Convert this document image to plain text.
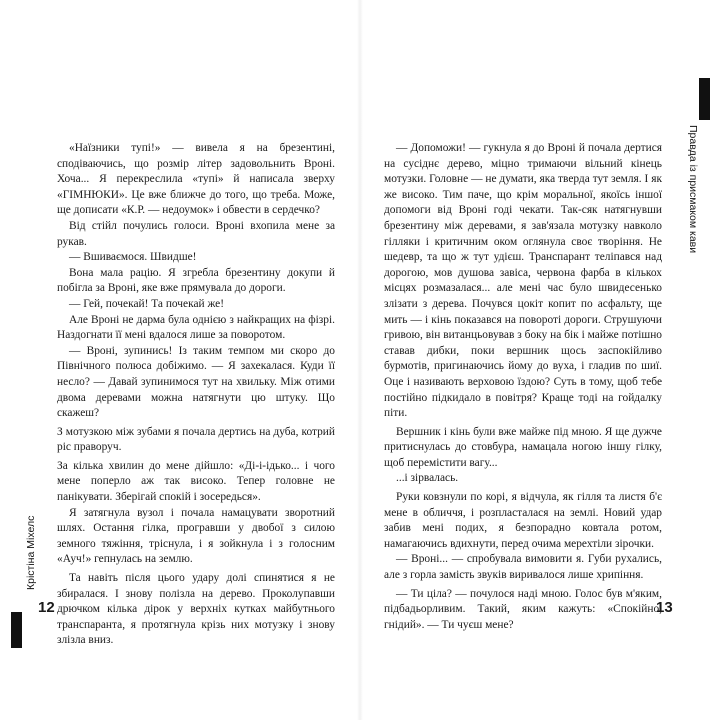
Крістіна Міхелс

«Наїзники тупі!» — вивела я на брезентині, сподіваючись, що розмір літер задовольнить Вроні. Хоча... Я перекреслила «тупі» й написала зверху «ГІМНЮКИ». Це вже ближче до того, що треба. Може, ще дописати «К.Р. — недоумок» і обвести в сердечко?

Від стійл почулись голоси. Вроні вхопила мене за рукав.

— Вшиваємося. Швидше!

Вона мала рацію. Я згребла брезентину докупи й побігла за Вроні, яке вже прямувала до дороги.

— Гей, почекай! Та почекай же!

Але Вроні не дарма була однією з найкращих на фізрі. Наздогнати її мені вдалося лише за поворотом.

— Вроні, зупинись! Із таким темпом ми скоро до Північного полюса добіжимо. — Я захекалася. Куди її несло? — Давай зупинимося тут на хвильку. Між отими двома деревами можна натягнути цю штуку. Що скажеш?

З мотузкою між зубами я почала дертись на дуба, котрий ріс праворуч.

За кілька хвилин до мене дійшло: «Ді-і-ідько... і чого мене поперло аж так високо. Тепер головне не панікувати. Зберігай спокій і зосередься».

Я затягнула вузол і почала намацувати зворотний шлях. Остання гілка, програвши у двобої з силою земного тяжіння, тріснула, і я зойкнула і з голосним «Ауч!» гепнулась на землю.

Та навіть після цього удару долі спинятися я не збиралася. І знову полізла на дерево. Проколупавши дрючком кілька дірок у верхніх кутках майбутнього транспаранта, я протягнула крізь них мотузку і знову злізла вниз.

12
Правда із присмаком кави

— Допоможи! — гукнула я до Вроні й почала дертися на сусіднє дерево, міцно тримаючи вільний кінець мотузки. Головне — не думати, яка тверда тут земля. І як же високо. Тим паче, що крім моральної, якоїсь іншої допомоги від Вроні годі чекати. Так-сяк натягнувши брезентину між деревами, я зав'язала мотузку навколо гілляки і критичним оком оглянула своє творіння. Не шедевр, та що ж тут удієш. Транспарант теліпався над дорогою, мов душова завіса, червона фарба в кількох місцях розмазалася... але мені час було швидесенько злізати з дерева. Почувся цокіт копит по асфальту, ще мить — і кінь показався на повороті дороги. Струшуючи гривою, він витанцьовував з боку на бік і майже потішно ставав дибки, поки вершник щось заспокійливо бурмотів, пригинаючись йому до вуха, і гладив по шиї. Оце і називають верховою їздою? Суть в тому, щоб тебе постійно підкидало в повітря? Краще тоді на гойдалку піти.

Вершник і кінь були вже майже під мною. Я ще дужче притиснулась до стовбура, намацала ногою іншу гілку, щоб перемістити вагу...

...і зірвалась.

Руки ковзнули по корі, я відчула, як гілля та листя б'є мене в обличчя, і розпласталася на землі. Новий удар забив мені подих, я безпорадно ковтала ротом, намагаючись вдихнути, перед очима мерехтіли зірочки.

— Вроні... — спробувала вимовити я. Губи рухались, але з горла замість звуків виривалося лише хрипіння.

— Ти ціла? — почулося наді мною. Голос був м'яким, підбадьорливим. Такий, яким кажуть: «Спокійно, гнідий». — Ти чуєш мене?

13
